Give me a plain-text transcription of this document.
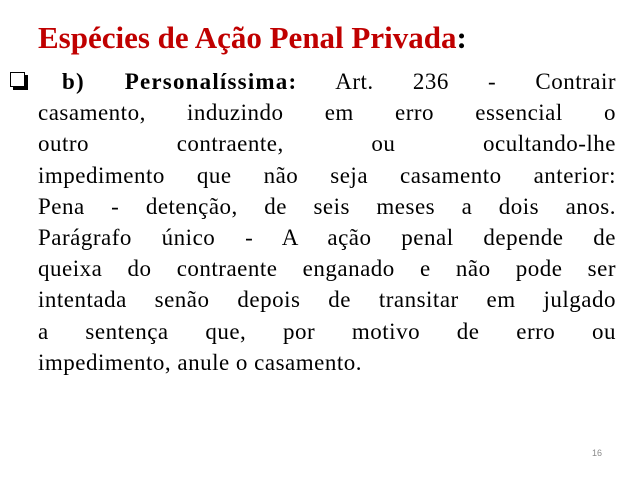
Espécies de Ação Penal Privada:
b) Personalíssima: Art. 236 - Contrair
casamento, induzindo em erro essencial o
outro contraente, ou ocultando-lhe
impedimento que não seja casamento anterior:
Pena - detenção, de seis meses a dois anos.
Parágrafo único - A ação penal depende de
queixa do contraente enganado e não pode ser
intentada senão depois de transitar em julgado
a sentença que, por motivo de erro ou
impedimento, anule o casamento.
16
